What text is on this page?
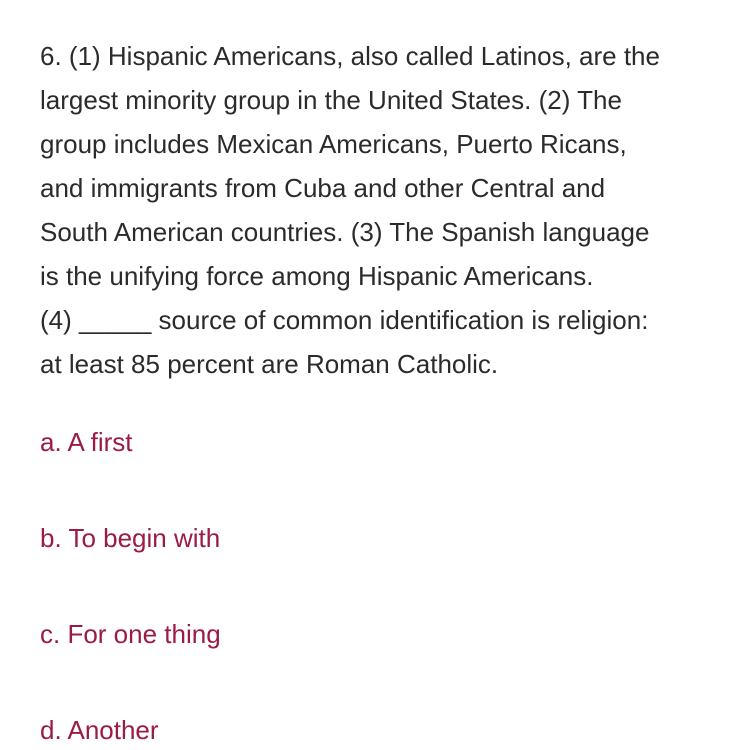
6. (1) Hispanic Americans, also called Latinos, are the
largest minority group in the United States. (2) The
group includes Mexican Americans, Puerto Ricans,
and immigrants from Cuba and other Central and
South American countries. (3) The Spanish language
is the unifying force among Hispanic Americans.
(4) _____ source of common identification is religion:
at least 85 percent are Roman Catholic.
a. A first
b. To begin with
c. For one thing
d. Another
